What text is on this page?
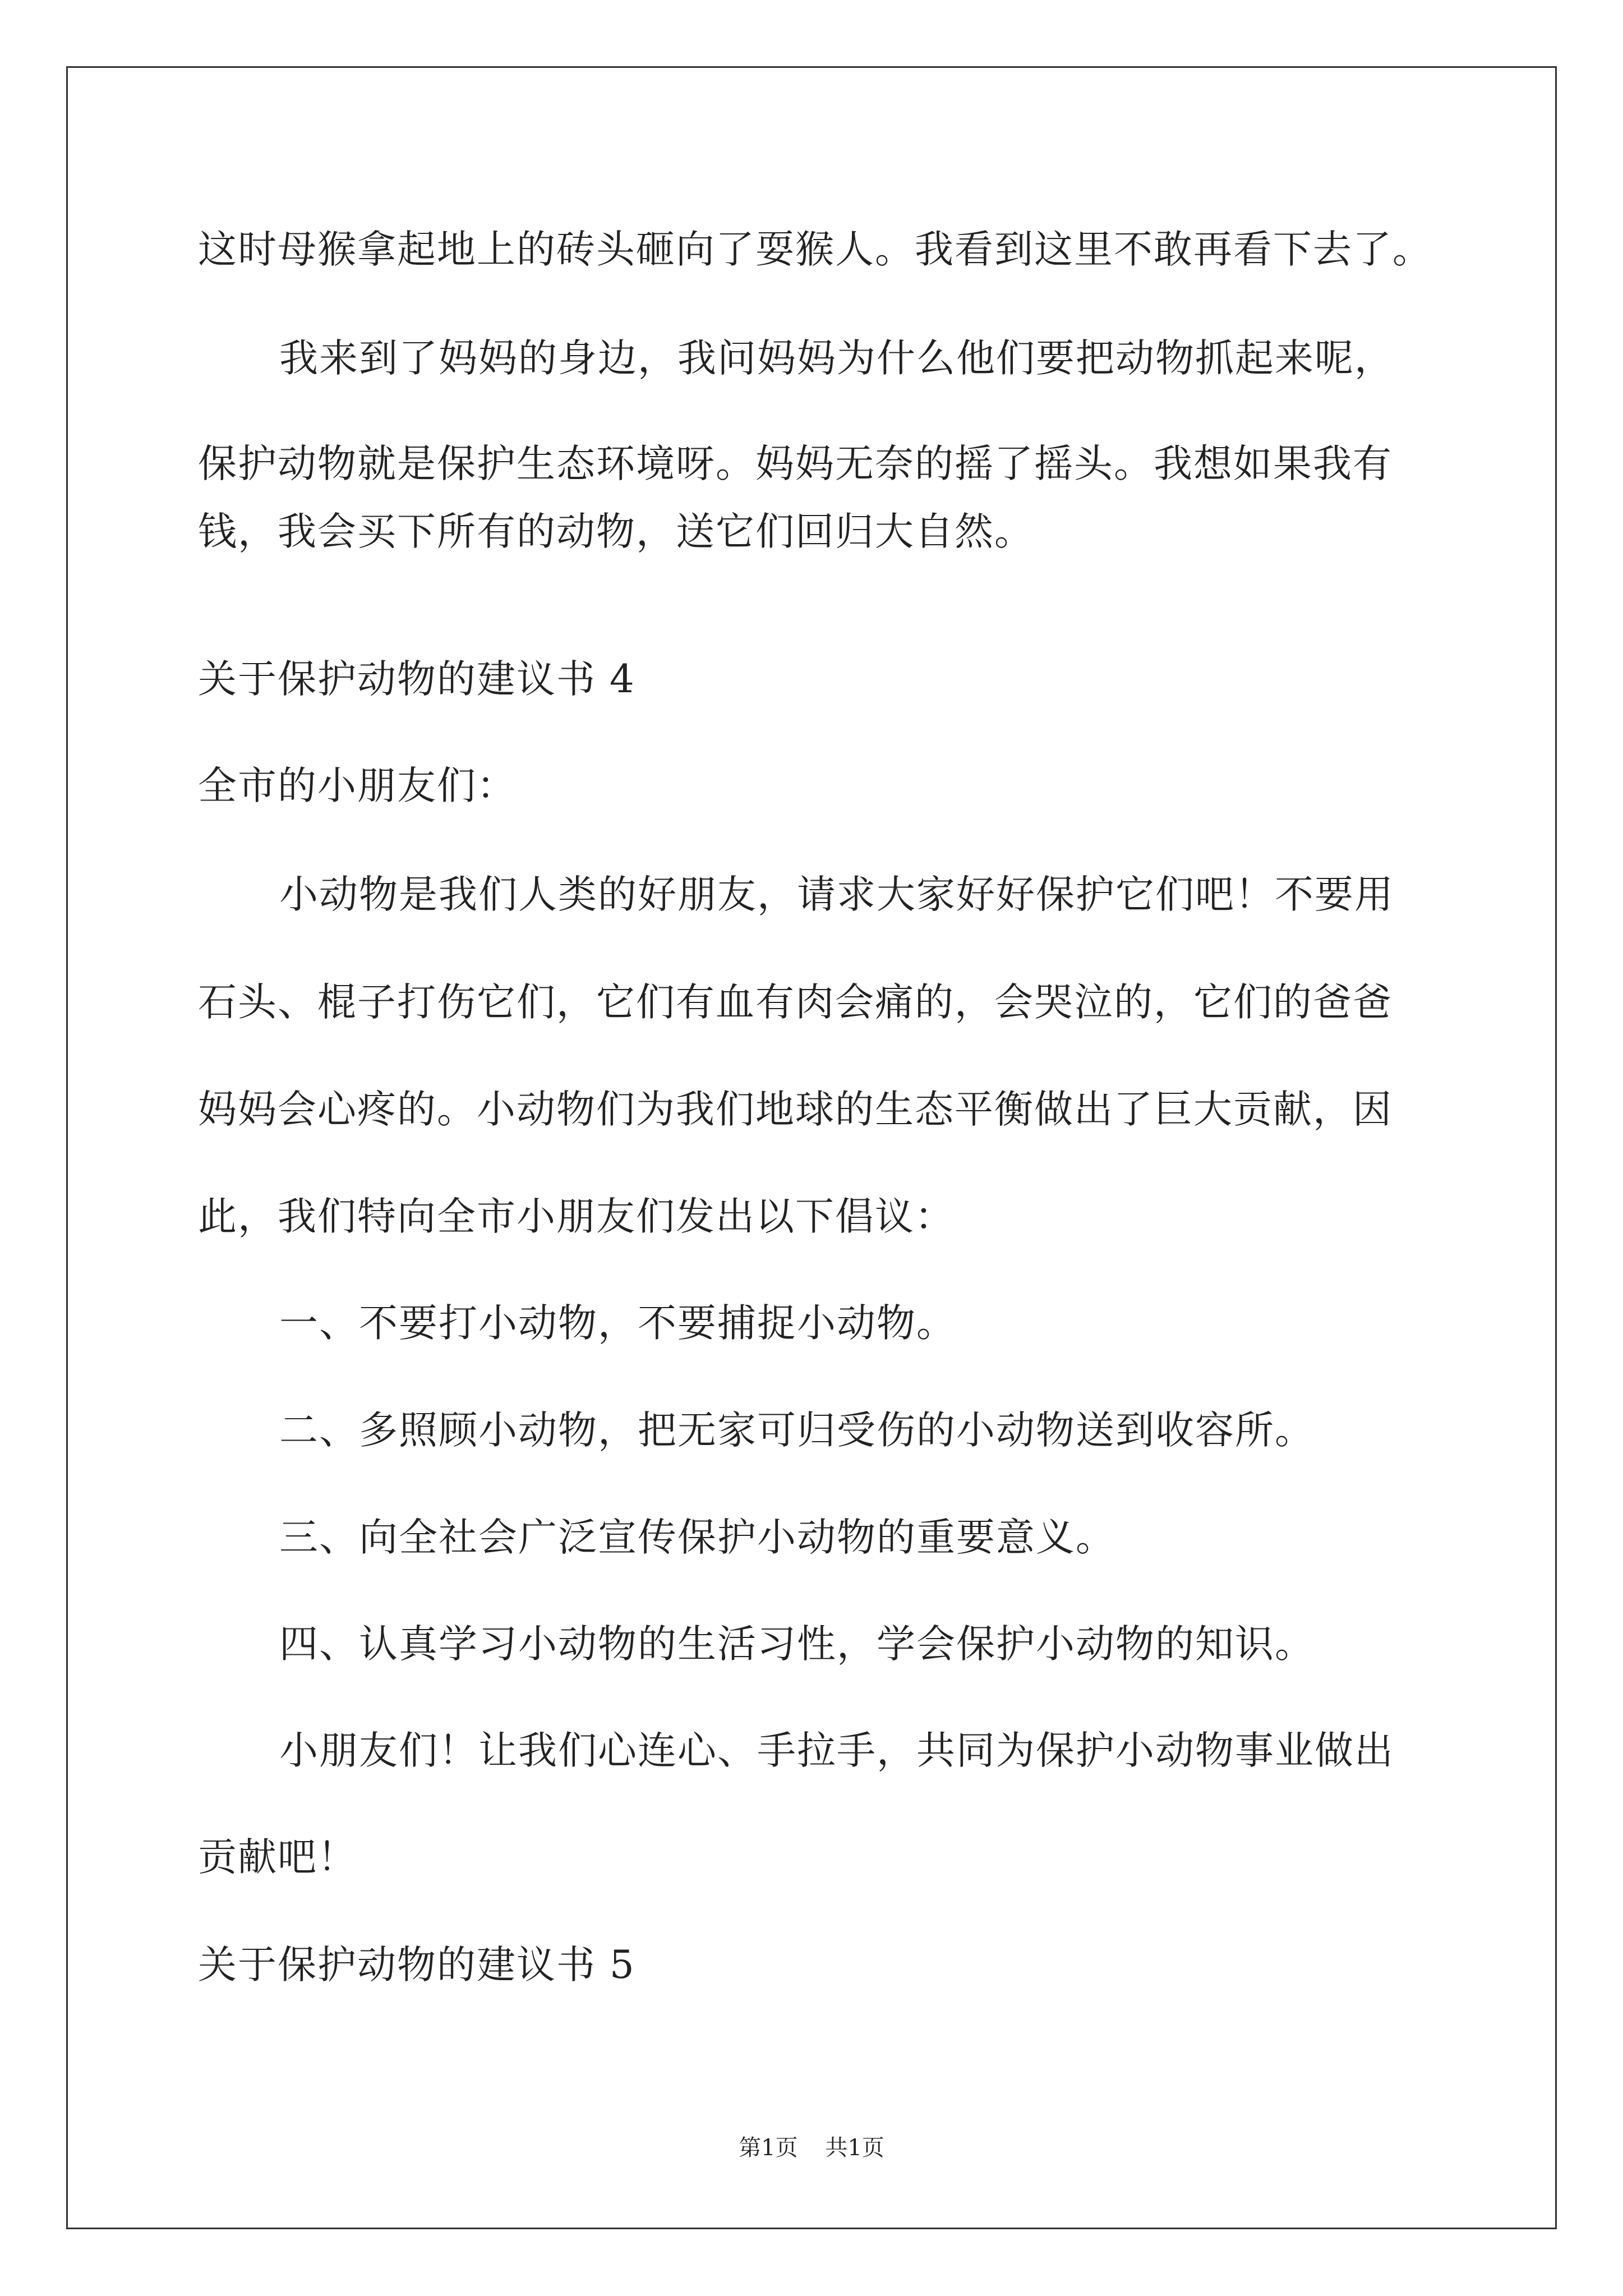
这时母猴拿起地上的砖头砸向了耍猴人。我看到这里不敢再看下去了。
我来到了妈妈的身边，我问妈妈为什么他们要把动物抓起来呢，
保护动物就是保护生态环境呀。妈妈无奈的摇了摇头。我想如果我有
钱，我会买下所有的动物，送它们回归大自然。
关于保护动物的建议书 4
全市的小朋友们：
小动物是我们人类的好朋友，请求大家好好保护它们吧！不要用
石头、棍子打伤它们，它们有血有肉会痛的，会哭泣的，它们的爸爸
妈妈会心疼的。小动物们为我们地球的生态平衡做出了巨大贡献，因
此，我们特向全市小朋友们发出以下倡议：
一、不要打小动物，不要捕捉小动物。
二、多照顾小动物，把无家可归受伤的小动物送到收容所。
三、向全社会广泛宣传保护小动物的重要意义。
四、认真学习小动物的生活习性，学会保护小动物的知识。
小朋友们！让我们心连心、手拉手，共同为保护小动物事业做出
贡献吧！
关于保护动物的建议书 5
第1页 共1页
